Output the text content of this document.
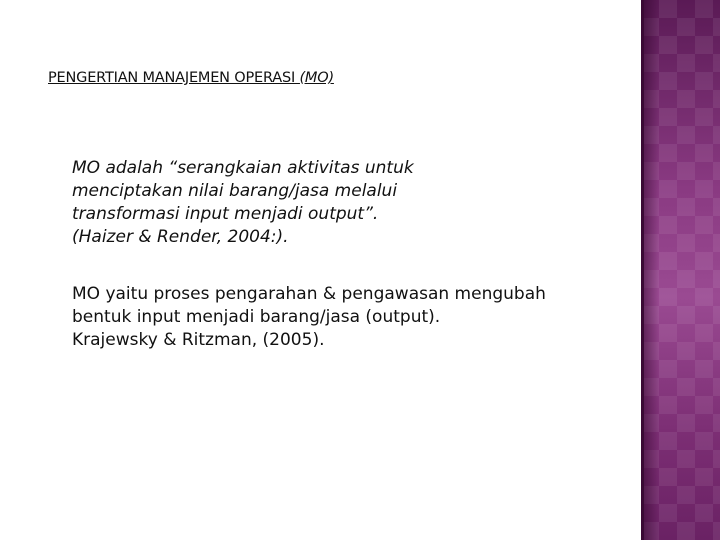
PENGERTIAN MANAJEMEN OPERASI (MO)
MO adalah “serangkaian aktivitas untuk
menciptakan nilai barang/jasa melalui
transformasi input menjadi output”.
(Haizer & Render, 2004:).
MO yaitu proses pengarahan & pengawasan mengubah
bentuk input menjadi barang/jasa (output).
Krajewsky & Ritzman, (2005).
